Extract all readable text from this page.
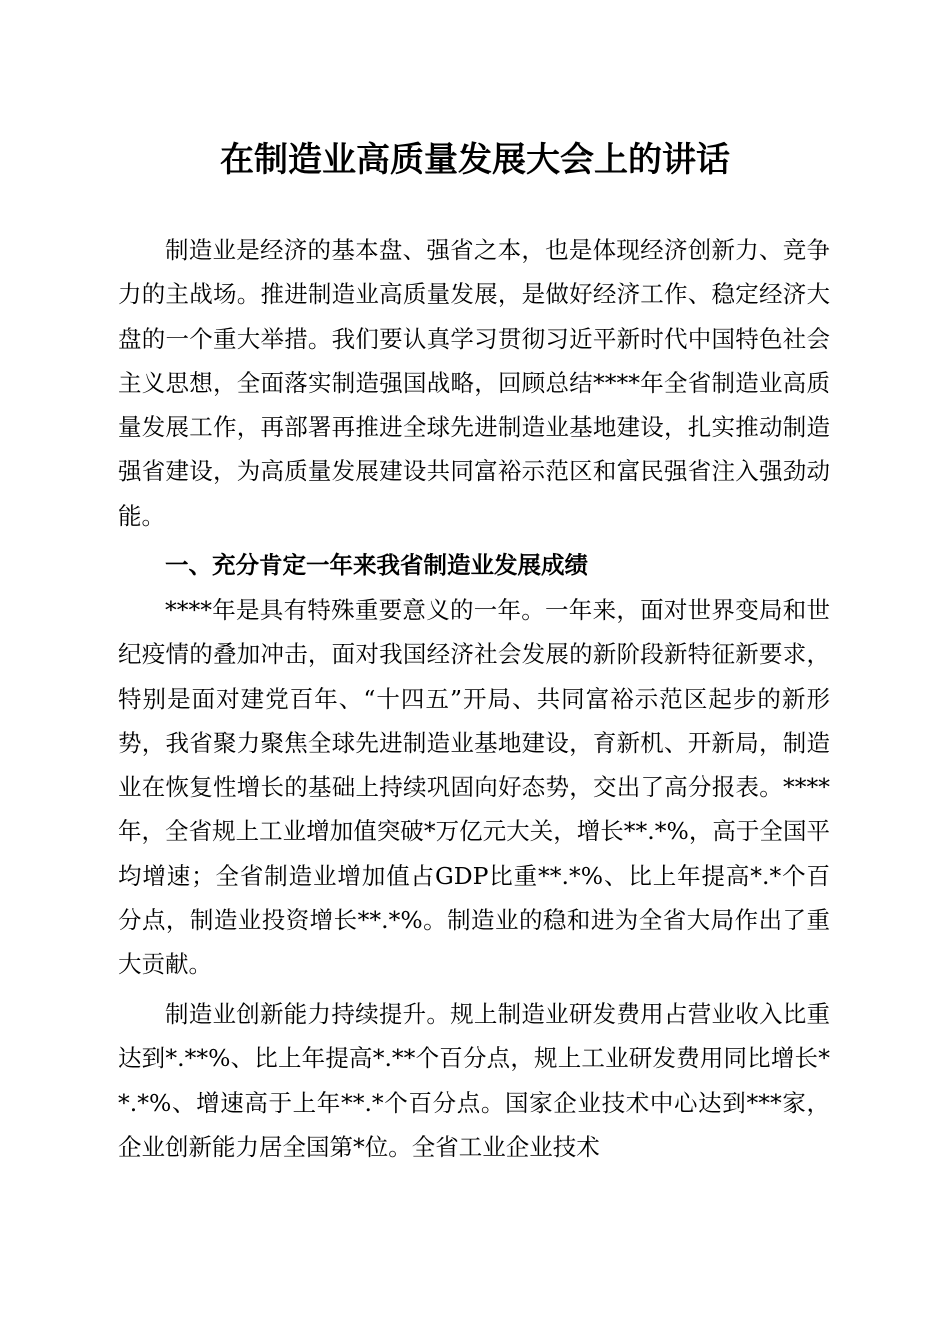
在制造业高质量发展大会上的讲话

制造业是经济的基本盘、强省之本，也是体现经济创新力、竞争力的主战场。推进制造业高质量发展，是做好经济工作、稳定经济大盘的一个重大举措。我们要认真学习贯彻习近平新时代中国特色社会主义思想，全面落实制造强国战略，回顾总结****年全省制造业高质量发展工作，再部署再推进全球先进制造业基地建设，扎实推动制造强省建设，为高质量发展建设共同富裕示范区和富民强省注入强劲动能。

一、充分肯定一年来我省制造业发展成绩

****年是具有特殊重要意义的一年。一年来，面对世界变局和世纪疫情的叠加冲击，面对我国经济社会发展的新阶段新特征新要求，特别是面对建党百年、“十四五”开局、共同富裕示范区起步的新形势，我省聚力聚焦全球先进制造业基地建设，育新机、开新局，制造业在恢复性增长的基础上持续巩固向好态势，交出了高分报表。****年，全省规上工业增加值突破*万亿元大关，增长**.*%，高于全国平均增速；全省制造业增加值占GDP比重**.*%、比上年提高*.*个百分点，制造业投资增长**.*%。制造业的稳和进为全省大局作出了重大贡献。

制造业创新能力持续提升。规上制造业研发费用占营业收入比重达到*.**%、比上年提高*.**个百分点，规上工业研发费用同比增长**.*%、增速高于上年**.*个百分点。国家企业技术中心达到***家，企业创新能力居全国第*位。全省工业企业技术
